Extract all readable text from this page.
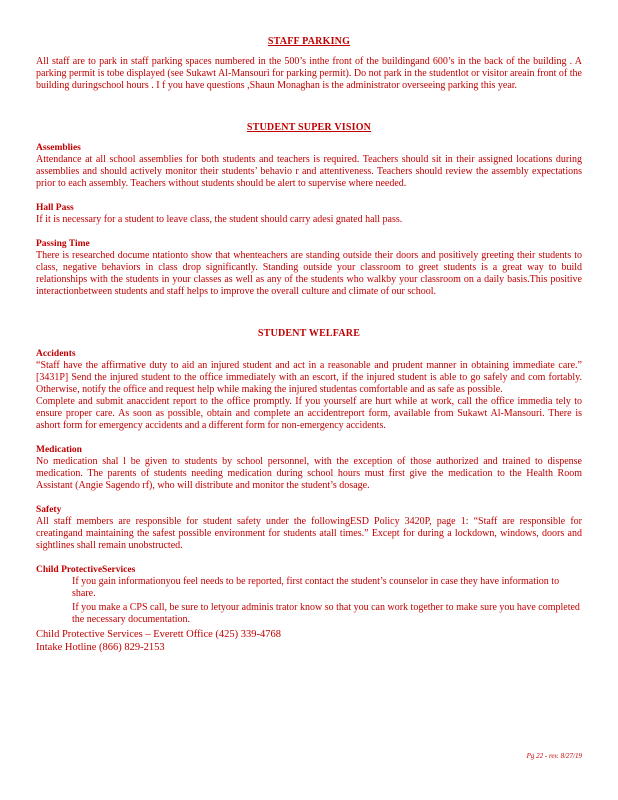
STAFF PARKING

All staff are to park in staff parking spaces numbered in the 500’s inthe front of the buildingand 600’s in the back of the building . A parking permit is tobe displayed (see Sukawt Al-Mansouri for parking permit). Do not park in the studentlot or visitor areain front of the building duringschool hours . I f you have questions ,Shaun Monaghan is the administrator overseeing parking this year.

STUDENT SUPER VISION

Assemblies

Attendance at all school assemblies for both students and teachers is required. Teachers should sit in their assigned locations during assemblies and should actively monitor their students’ behavio r and attentiveness. Teachers should review the assembly expectations prior to each assembly. Teachers without students should be alert to supervise where needed.

Hall Pass

If it is necessary for a student to leave class, the student should carry adesi gnated hall pass.

Passing Time

There is researched docume ntationto show that whenteachers are standing outside their doors and positively greeting their students to class, negative behaviors in class drop significantly. Standing outside your classroom to greet students is a great way to build relationships with the students in your classes as well as any of the students who walkby your classroom on a daily basis.This positive interactionbetween students and staff helps to improve the overall culture and climate of our school.

STUDENT WELFARE

Accidents

“Staff have the affirmative duty to aid an injured student and act in a reasonable and prudent manner in obtaining immediate care.” [3431P] Send the injured student to the office immediately with an escort, if the injured student is able to go safely and com fortably. Otherwise, notify the office and request help while making the injured studentas comfortable and as safe as possible.

Complete and submit anaccident report to the office promptly. If you yourself are hurt while at work, call the office immedia tely to ensure proper care. As soon as possible, obtain and complete an accidentreport form, available from Sukawt Al-Mansouri. There is ashort form for emergency accidents and a different form for non-emergency accidents.

Medication

No medication shal l be given to students by school personnel, with the exception of those authorized and trained to dispense medication. The parents of students needing medication during school hours must first give the medication to the Health Room Assistant (Angie Sagendo rf), who will distribute and monitor the student’s dosage.

Safety

All staff members are responsible for student safety under the followingESD Policy 3420P, page 1: “Staff are responsible for creatingand maintaining the safest possible environment for students atall times.” Except for during a lockdown, windows, doors and sightlines shall remain unobstructed.

Child ProtectiveServices

If you gain informationyou feel needs to be reported, first contact the student’s counselor in case they have information to share.
If you make a CPS call, be sure to letyour adminis trator know so that you can work together to make sure you have completed the necessary documentation.

Child Protective Services – Everett Office (425) 339-4768

Intake Hotline (866) 829-2153

Pg 22 - rev. 8/27/19
